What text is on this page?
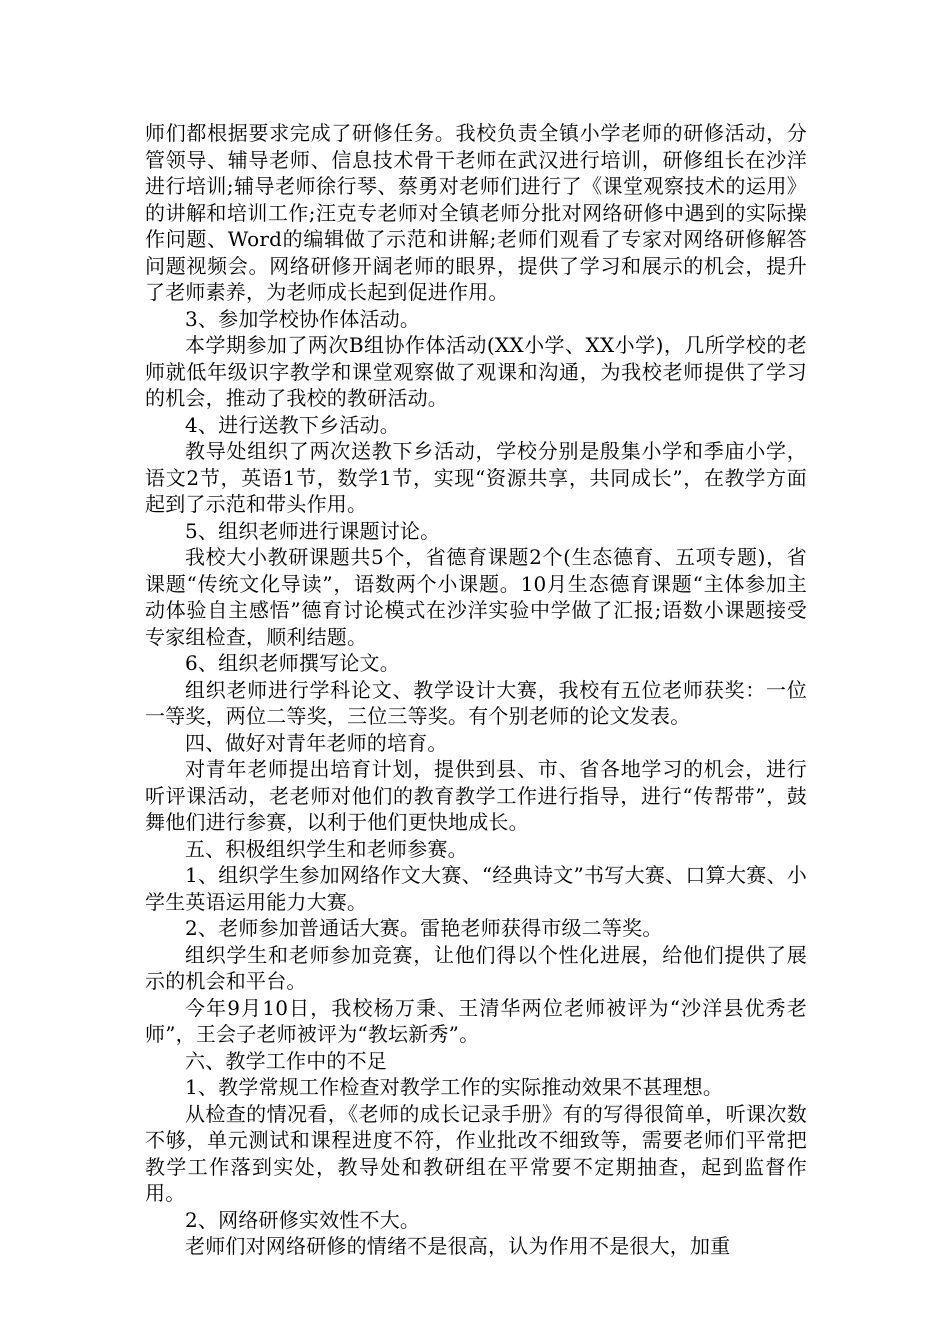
师们都根据要求完成了研修任务。我校负责全镇小学老师的研修活动，分管领导、辅导老师、信息技术骨干老师在武汉进行培训，研修组长在沙洋进行培训;辅导老师徐行琴、蔡勇对老师们进行了《课堂观察技术的运用》的讲解和培训工作;汪克专老师对全镇老师分批对网络研修中遇到的实际操作问题、Word的编辑做了示范和讲解;老师们观看了专家对网络研修解答问题视频会。网络研修开阔老师的眼界，提供了学习和展示的机会，提升了老师素养，为老师成长起到促进作用。

3、参加学校协作体活动。

本学期参加了两次B组协作体活动(XX小学、XX小学)，几所学校的老师就低年级识字教学和课堂观察做了观课和沟通，为我校老师提供了学习的机会，推动了我校的教研活动。

4、进行送教下乡活动。

教导处组织了两次送教下乡活动，学校分别是殷集小学和季庙小学，语文2节，英语1节，数学1节，实现“资源共享，共同成长”，在教学方面起到了示范和带头作用。

5、组织老师进行课题讨论。

我校大小教研课题共5个，省德育课题2个(生态德育、五项专题)，省课题“传统文化导读”，语数两个小课题。10月生态德育课题“主体参加主动体验自主感悟”德育讨论模式在沙洋实验中学做了汇报;语数小课题接受专家组检查，顺利结题。

6、组织老师撰写论文。

组织老师进行学科论文、教学设计大赛，我校有五位老师获奖：一位一等奖，两位二等奖，三位三等奖。有个别老师的论文发表。

四、做好对青年老师的培育。

对青年老师提出培育计划，提供到县、市、省各地学习的机会，进行听评课活动，老老师对他们的教育教学工作进行指导，进行“传帮带”，鼓舞他们进行参赛，以利于他们更快地成长。

五、积极组织学生和老师参赛。

1、组织学生参加网络作文大赛、“经典诗文”书写大赛、口算大赛、小学生英语运用能力大赛。

2、老师参加普通话大赛。雷艳老师获得市级二等奖。

组织学生和老师参加竞赛，让他们得以个性化进展，给他们提供了展示的机会和平台。

今年9月10日，我校杨万秉、王清华两位老师被评为“沙洋县优秀老师”，王会子老师被评为“教坛新秀”。

六、教学工作中的不足

1、教学常规工作检查对教学工作的实际推动效果不甚理想。

从检查的情况看，《老师的成长记录手册》有的写得很简单，听课次数不够，单元测试和课程进度不符，作业批改不细致等，需要老师们平常把教学工作落到实处，教导处和教研组在平常要不定期抽查，起到监督作用。

2、网络研修实效性不大。

老师们对网络研修的情绪不是很高，认为作用不是很大，加重
